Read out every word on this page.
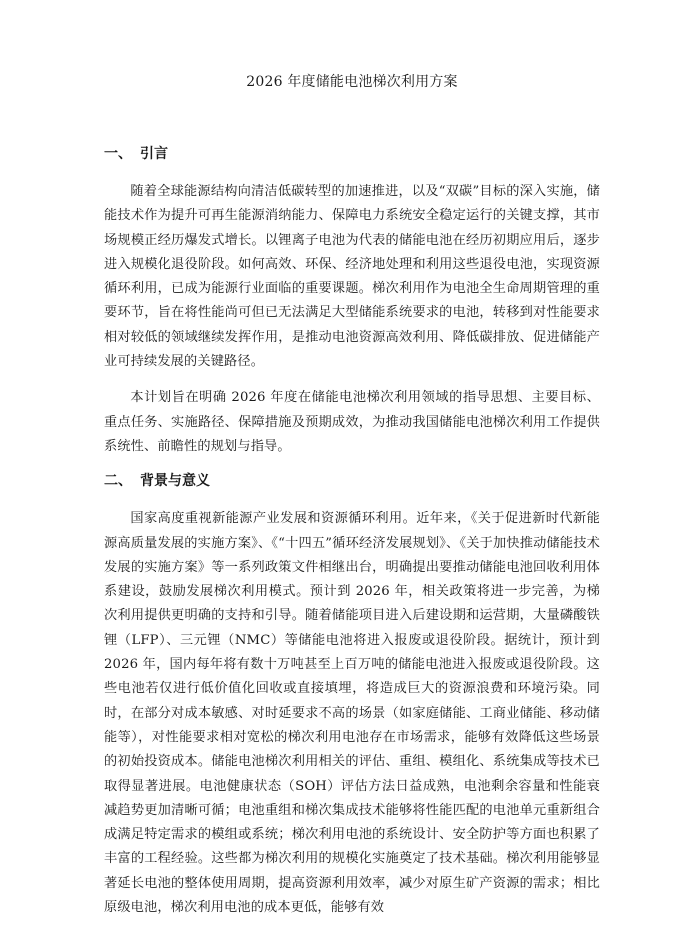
2026 年度储能电池梯次利用方案
一、 引言

随着全球能源结构向清洁低碳转型的加速推进，以及“双碳”目标的深入实施，储能技术作为提升可再生能源消纳能力、保障电力系统安全稳定运行的关键支撑，其市场规模正经历爆发式增长。以锂离子电池为代表的储能电池在经历初期应用后，逐步进入规模化退役阶段。如何高效、环保、经济地处理和利用这些退役电池，实现资源循环利用，已成为能源行业面临的重要课题。梯次利用作为电池全生命周期管理的重要环节，旨在将性能尚可但已无法满足大型储能系统要求的电池，转移到对性能要求相对较低的领域继续发挥作用，是推动电池资源高效利用、降低碳排放、促进储能产业可持续发展的关键路径。

本计划旨在明确 2026 年度在储能电池梯次利用领域的指导思想、主要目标、重点任务、实施路径、保障措施及预期成效，为推动我国储能电池梯次利用工作提供系统性、前瞻性的规划与指导。

二、 背景与意义

国家高度重视新能源产业发展和资源循环利用。近年来，《关于促进新时代新能源高质量发展的实施方案》、《“十四五”循环经济发展规划》、《关于加快推动储能技术发展的实施方案》等一系列政策文件相继出台，明确提出要推动储能电池回收利用体系建设，鼓励发展梯次利用模式。预计到 2026 年，相关政策将进一步完善，为梯次利用提供更明确的支持和引导。随着储能项目进入后建设期和运营期，大量磷酸铁锂（LFP）、三元锂（NMC）等储能电池将进入报废或退役阶段。据统计，预计到 2026 年，国内每年将有数十万吨甚至上百万吨的储能电池进入报废或退役阶段。这些电池若仅进行低价值化回收或直接填埋，将造成巨大的资源浪费和环境污染。同时，在部分对成本敏感、对时延要求不高的场景（如家庭储能、工商业储能、移动储能等），对性能要求相对宽松的梯次利用电池存在市场需求，能够有效降低这些场景的初始投资成本。储能电池梯次利用相关的评估、重组、模组化、系统集成等技术已取得显著进展。电池健康状态（SOH）评估方法日益成熟，电池剩余容量和性能衰减趋势更加清晰可循；电池重组和梯次集成技术能够将性能匹配的电池单元重新组合成满足特定需求的模组或系统；梯次利用电池的系统设计、安全防护等方面也积累了丰富的工程经验。这些都为梯次利用的规模化实施奠定了技术基础。梯次利用能够显著延长电池的整体使用周期，提高资源利用效率，减少对原生矿产资源的需求；相比原级电池，梯次利用电池的成本更低，能够有效
